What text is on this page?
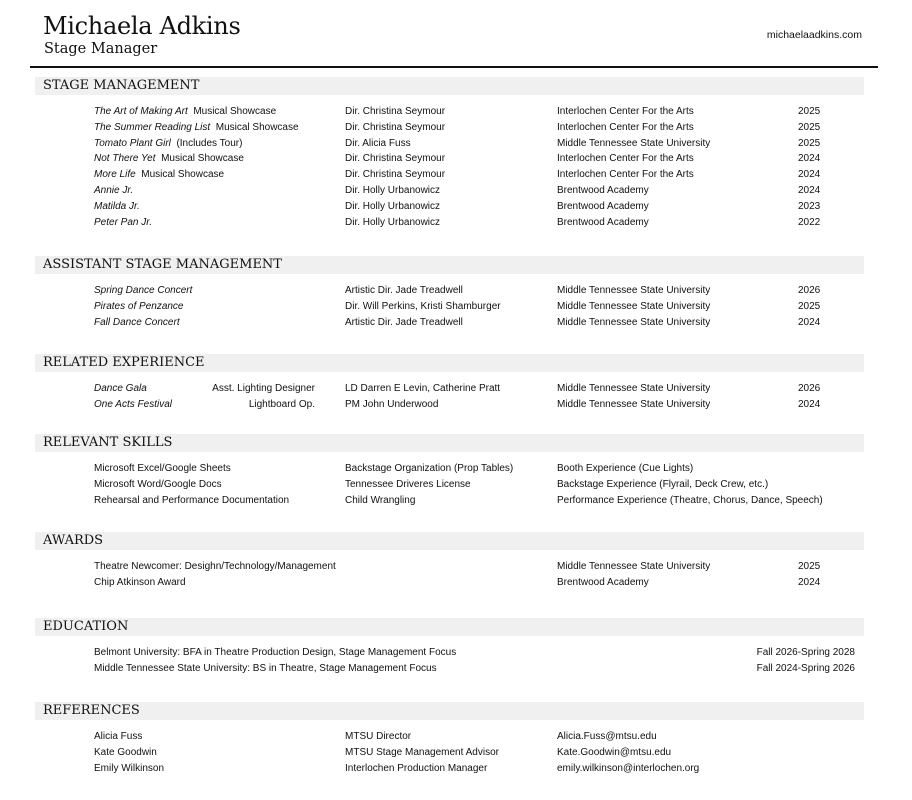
Michaela Adkins
Stage Manager
michaelaadkins.com
STAGE MANAGEMENT
The Art of Making Art Musical Showcase	Dir. Christina Seymour	Interlochen Center For the Arts	2025
The Summer Reading List Musical Showcase	Dir. Christina Seymour	Interlochen Center For the Arts	2025
Tomato Plant Girl (Includes Tour)	Dir. Alicia Fuss	Middle Tennessee State University	2025
Not There Yet Musical Showcase	Dir. Christina Seymour	Interlochen Center For the Arts	2024
More Life Musical Showcase	Dir. Christina Seymour	Interlochen Center For the Arts	2024
Annie Jr.	Dir. Holly Urbanowicz	Brentwood Academy	2024
Matilda Jr.	Dir. Holly Urbanowicz	Brentwood Academy	2023
Peter Pan Jr.	Dir. Holly Urbanowicz	Brentwood Academy	2022
ASSISTANT STAGE MANAGEMENT
Spring Dance Concert	Artistic Dir. Jade Treadwell	Middle Tennessee State University	2026
Pirates of Penzance	Dir. Will Perkins, Kristi Shamburger	Middle Tennessee State University	2025
Fall Dance Concert	Artistic Dir. Jade Treadwell	Middle Tennessee State University	2024
RELATED EXPERIENCE
Dance Gala	Asst. Lighting Designer	LD Darren E Levin, Catherine Pratt	Middle Tennessee State University	2026
One Acts Festival	Lightboard Op.	PM John Underwood	Middle Tennessee State University	2024
RELEVANT SKILLS
Microsoft Excel/Google Sheets	Backstage Organization (Prop Tables)	Booth Experience (Cue Lights)
Microsoft Word/Google Docs	Tennessee Driveres License	Backstage Experience (Flyrail, Deck Crew, etc.)
Rehearsal and Performance Documentation	Child Wrangling	Performance Experience (Theatre, Chorus, Dance, Speech)
AWARDS
Theatre Newcomer: Desighn/Technology/Management	Middle Tennessee State University	2025
Chip Atkinson Award	Brentwood Academy	2024
EDUCATION
Belmont University: BFA in Theatre Production Design, Stage Management Focus	Fall 2026-Spring 2028
Middle Tennessee State University: BS in Theatre, Stage Management Focus	Fall 2024-Spring 2026
REFERENCES
Alicia Fuss	MTSU Director	Alicia.Fuss@mtsu.edu
Kate Goodwin	MTSU Stage Management Advisor	Kate.Goodwin@mtsu.edu
Emily Wilkinson	Interlochen Production Manager	emily.wilkinson@interlochen.org
